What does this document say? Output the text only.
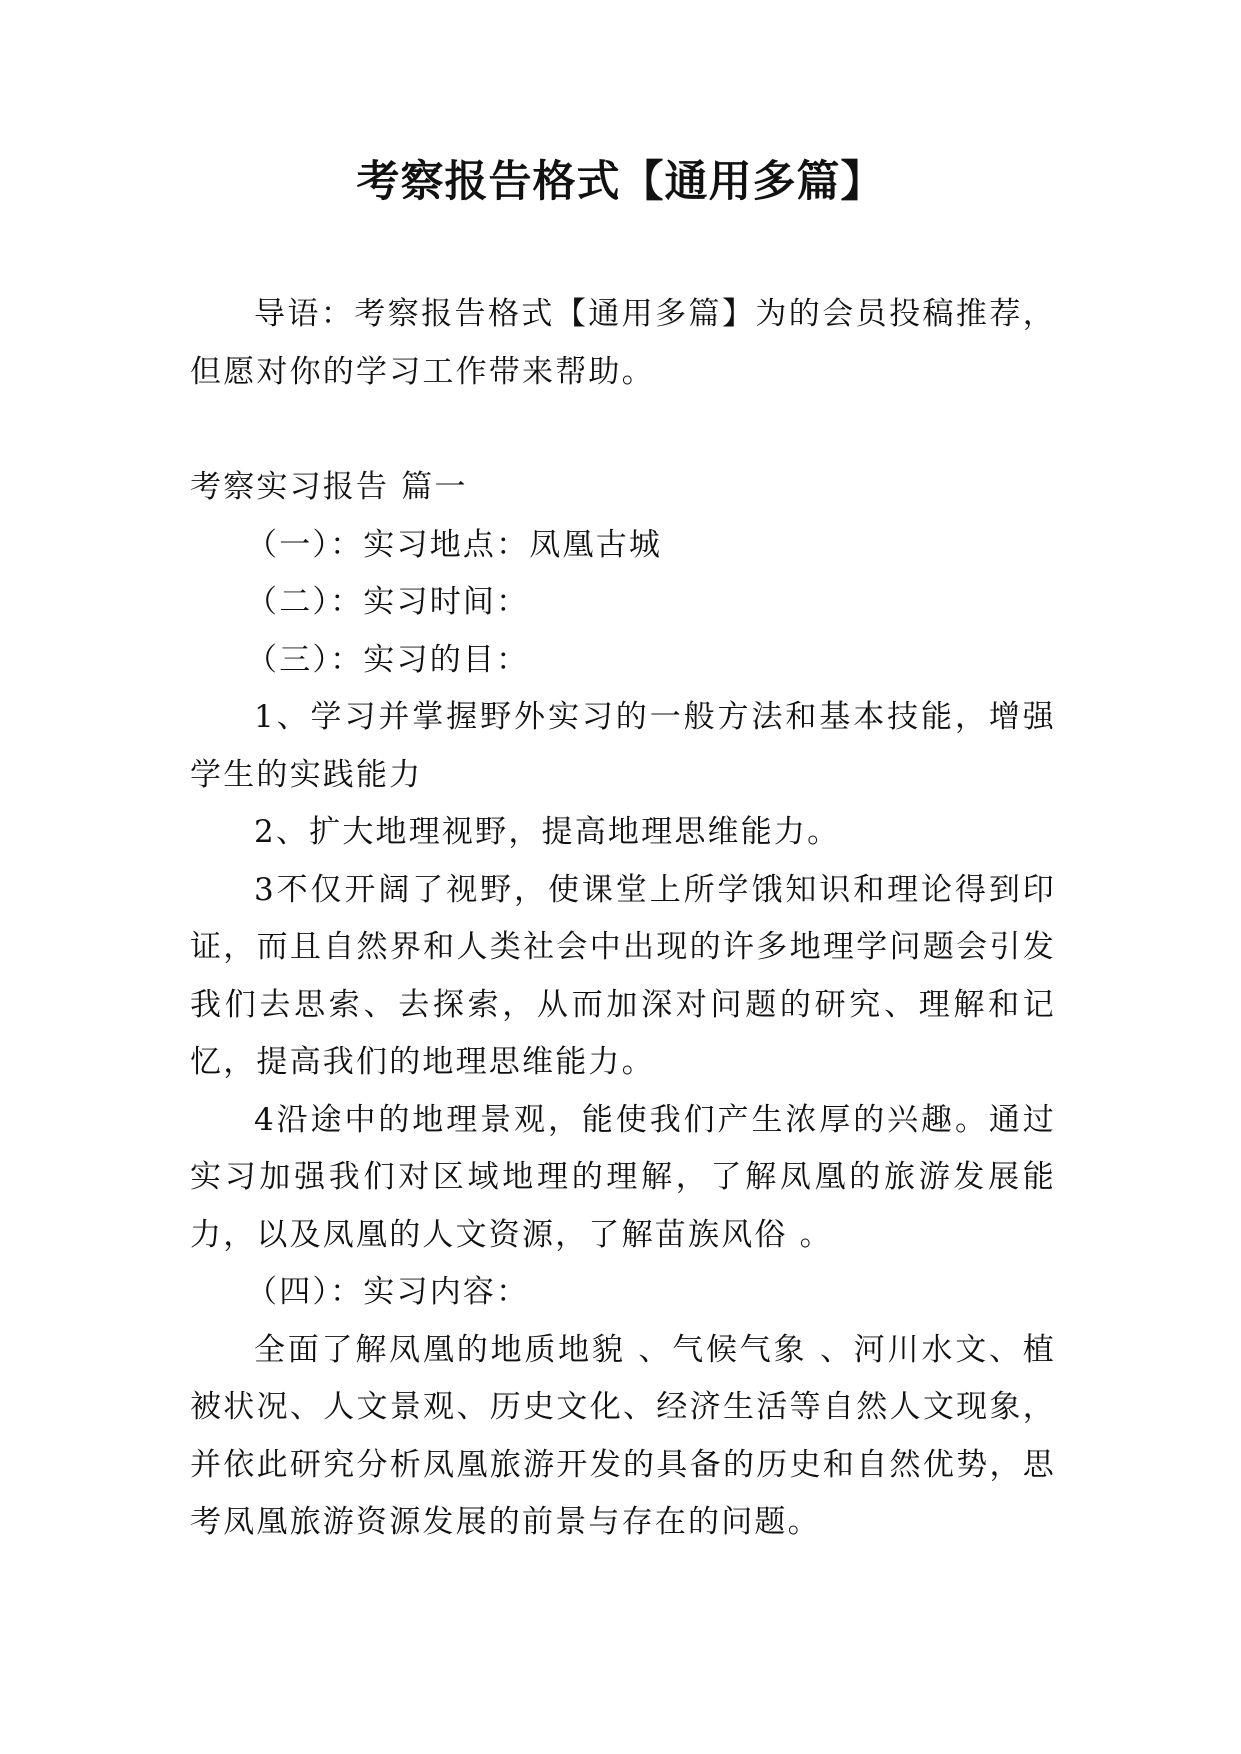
考察报告格式【通用多篇】

导语：考察报告格式【通用多篇】为的会员投稿推荐，但愿对你的学习工作带来帮助。

考察实习报告 篇一

（一）：实习地点：凤凰古城

（二）：实习时间：

（三）：实习的目：

1、学习并掌握野外实习的一般方法和基本技能，增强学生的实践能力

2、扩大地理视野，提高地理思维能力。

3不仅开阔了视野，使课堂上所学饿知识和理论得到印证，而且自然界和人类社会中出现的许多地理学问题会引发我们去思索、去探索，从而加深对问题的研究、理解和记忆，提高我们的地理思维能力。

4沿途中的地理景观，能使我们产生浓厚的兴趣。通过实习加强我们对区域地理的理解，了解凤凰的旅游发展能力，以及凤凰的人文资源，了解苗族风俗 。

（四）：实习内容：

全面了解凤凰的地质地貌 、气候气象 、河川水文、植被状况、人文景观、历史文化、经济生活等自然人文现象，并依此研究分析凤凰旅游开发的具备的历史和自然优势，思考凤凰旅游资源发展的前景与存在的问题。
